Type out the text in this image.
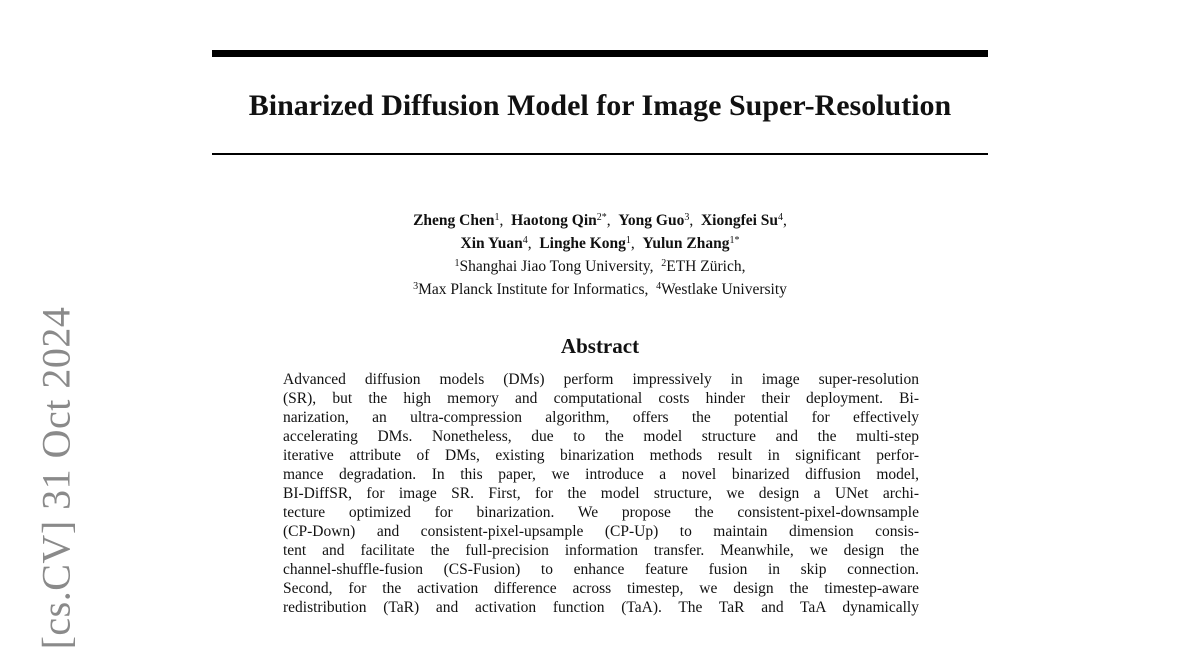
[cs.CV] 31 Oct 2024
Binarized Diffusion Model for Image Super-Resolution
Zheng Chen$^1$,  Haotong Qin$^{2*}$,  Yong Guo$^3$,  Xiongfei Su$^4$,
Xin Yuan$^4$,  Linghe Kong$^1$,  Yulun Zhang$^{1*}$
$^1$Shanghai Jiao Tong University,  $^2$ETH Zürich,
$^3$Max Planck Institute for Informatics,  $^4$Westlake University
Abstract
Advanced diffusion models (DMs) perform impressively in image super-resolution
(SR), but the high memory and computational costs hinder their deployment. Bi-
narization, an ultra-compression algorithm, offers the potential for effectively
accelerating DMs. Nonetheless, due to the model structure and the multi-step
iterative attribute of DMs, existing binarization methods result in significant perfor-
mance degradation. In this paper, we introduce a novel binarized diffusion model,
BI-DiffSR, for image SR. First, for the model structure, we design a UNet archi-
tecture optimized for binarization. We propose the consistent-pixel-downsample
(CP-Down) and consistent-pixel-upsample (CP-Up) to maintain dimension consis-
tent and facilitate the full-precision information transfer. Meanwhile, we design the
channel-shuffle-fusion (CS-Fusion) to enhance feature fusion in skip connection.
Second, for the activation difference across timestep, we design the timestep-aware
redistribution (TaR) and activation function (TaA). The TaR and TaA dynamically
